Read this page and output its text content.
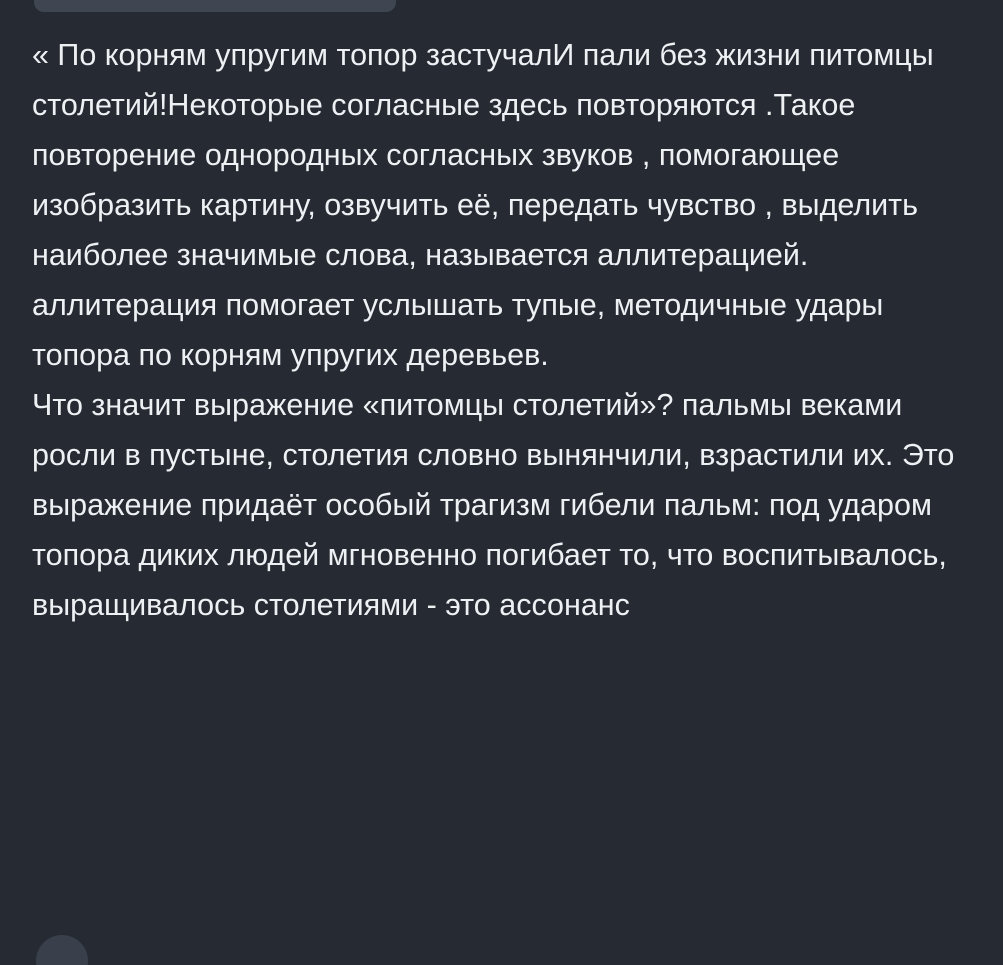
« По корням упругим топор застучалИ пали без жизни питомцы столетий!Некоторые согласные здесь повторяются .Такое повторение однородных согласных звуков , помогающее изобразить картину, озвучить её, передать чувство , выделить наиболее значимые слова, называется аллитерацией. аллитерация помогает услышать тупые, методичные удары топора по корням упругих деревьев.

Что значит выражение «питомцы столетий»? пальмы веками росли в пустыне, столетия словно вынянчили, взрастили их. Это выражение придаёт особый трагизм гибели пальм: под ударом топора диких людей мгновенно погибает то, что воспитывалось, выращивалось столетиями - это ассонанс
